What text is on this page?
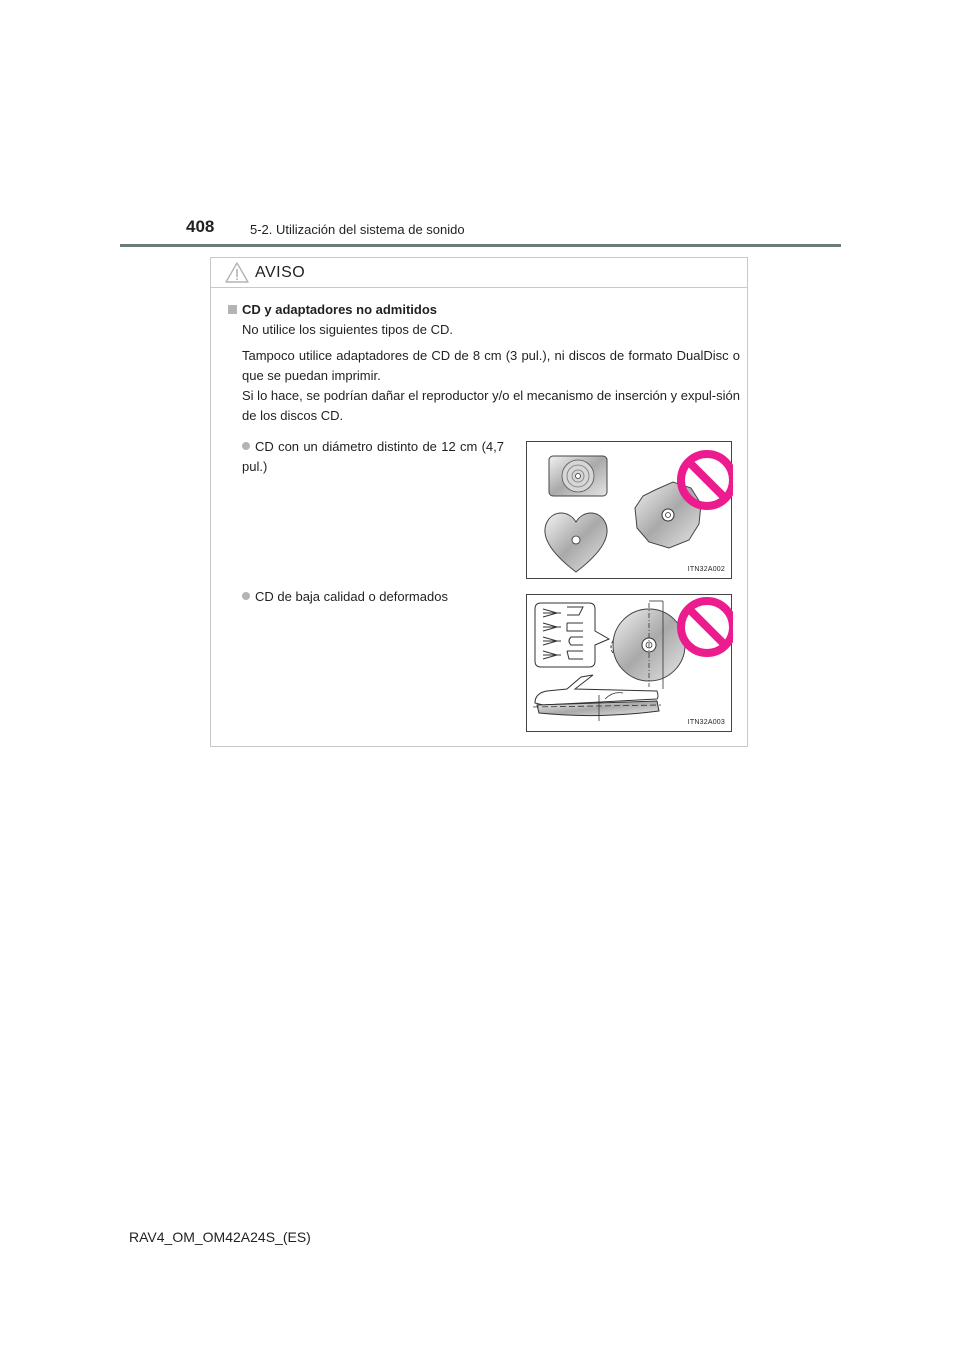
408	5-2. Utilización del sistema de sonido
AVISO
CD y adaptadores no admitidos
No utilice los siguientes tipos de CD.
Tampoco utilice adaptadores de CD de 8 cm (3 pul.), ni discos de formato DualDisc o que se puedan imprimir.
Si lo hace, se podrían dañar el reproductor y/o el mecanismo de inserción y expul-sión de los discos CD.
CD con un diámetro distinto de 12 cm (4,7 pul.)
ITN32A002
CD de baja calidad o deformados
ITN32A003
RAV4_OM_OM42A24S_(ES)
